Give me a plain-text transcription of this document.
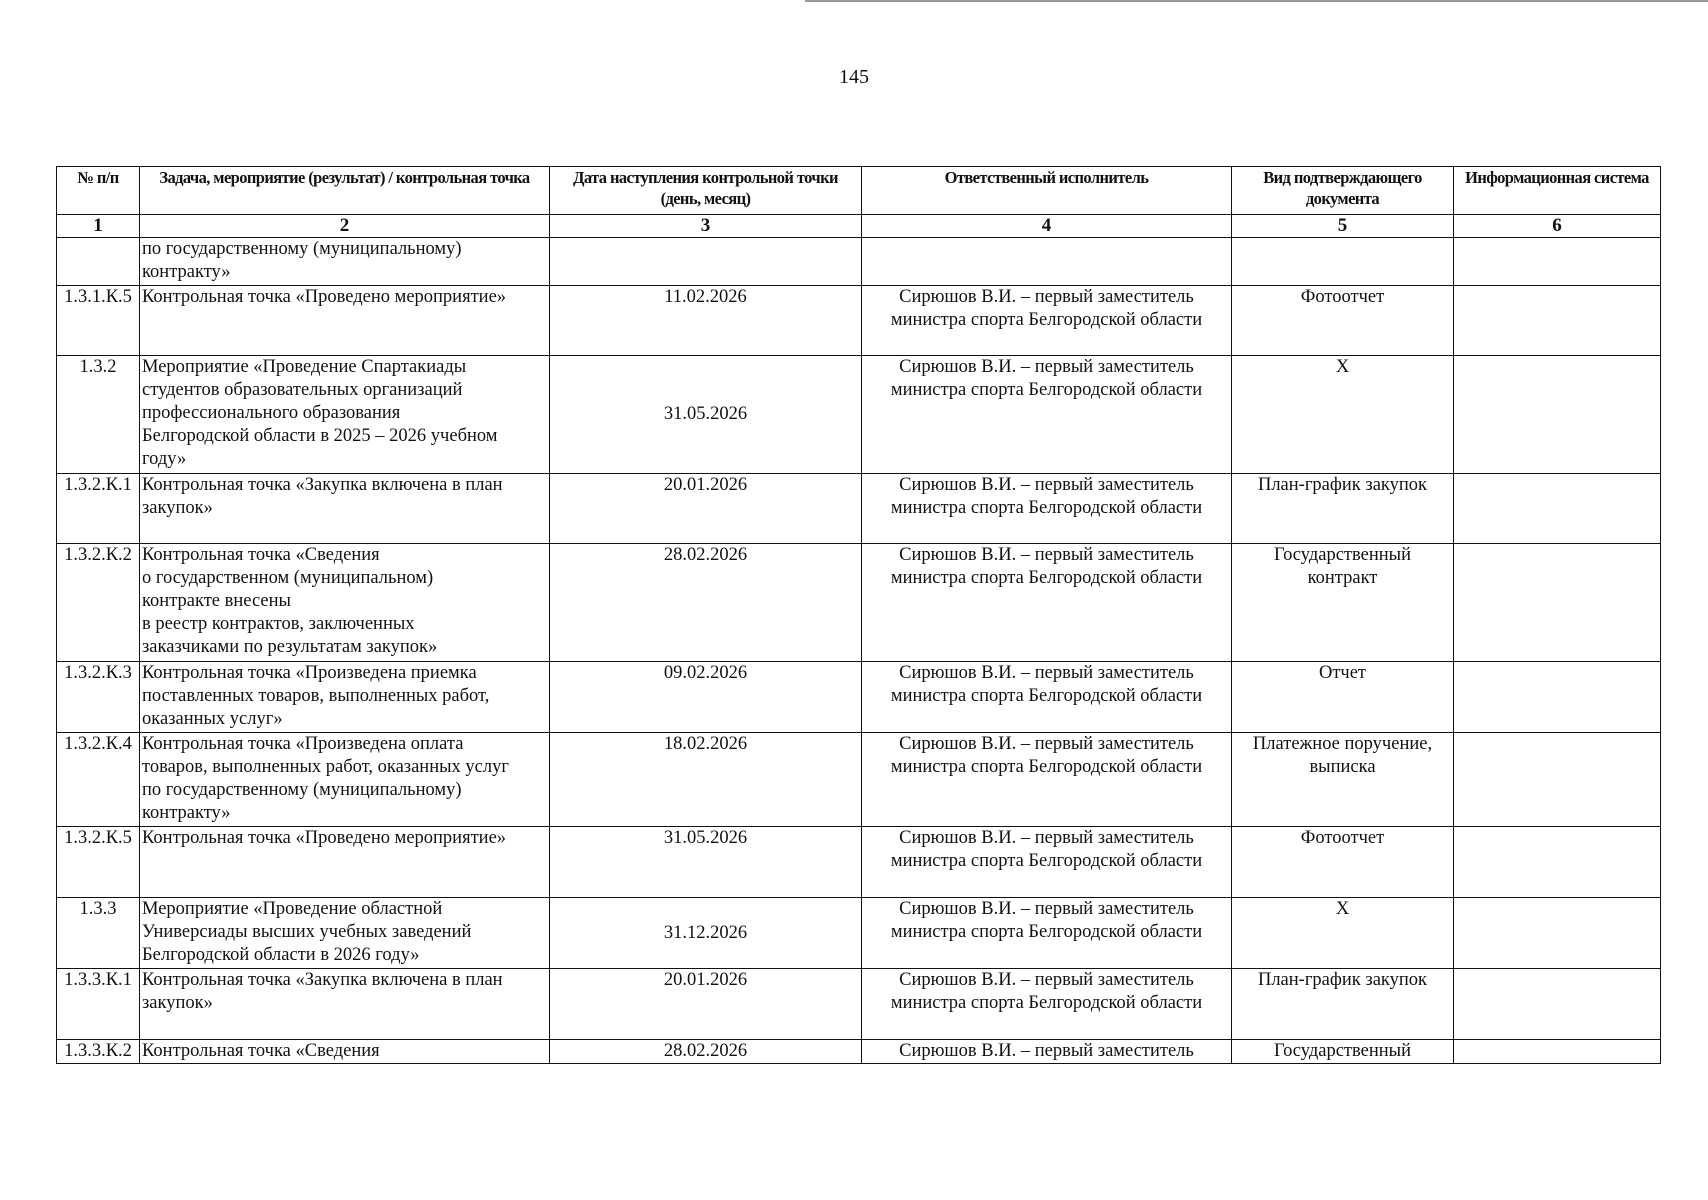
145
№ п/п	Задача, мероприятие (результат) / контрольная точка	Дата наступления контрольной точки (день, месяц)	Ответственный исполнитель	Вид подтверждающего документа	Информационная система
1	2	3	4	5	6
	по государственному (муниципальному)
контракту»				
1.3.1.К.5	Контрольная точка «Проведено мероприятие»	11.02.2026	Сирюшов В.И. – первый заместитель
министра спорта Белгородской области	Фотоотчет	
1.3.2	Мероприятие «Проведение Спартакиады
студентов образовательных организаций
профессионального образования
Белгородской области в 2025 – 2026 учебном
году»	31.05.2026	Сирюшов В.И. – первый заместитель
министра спорта Белгородской области	Х	
1.3.2.К.1	Контрольная точка «Закупка включена в план
закупок»	20.01.2026	Сирюшов В.И. – первый заместитель
министра спорта Белгородской области	План-график закупок	
1.3.2.К.2	Контрольная точка «Сведения
о государственном (муниципальном)
контракте внесены
в реестр контрактов, заключенных
заказчиками по результатам закупок»	28.02.2026	Сирюшов В.И. – первый заместитель
министра спорта Белгородской области	Государственный
контракт	
1.3.2.К.3	Контрольная точка «Произведена приемка
поставленных товаров, выполненных работ,
оказанных услуг»	09.02.2026	Сирюшов В.И. – первый заместитель
министра спорта Белгородской области	Отчет	
1.3.2.К.4	Контрольная точка «Произведена оплата
товаров, выполненных работ, оказанных услуг
по государственному (муниципальному)
контракту»	18.02.2026	Сирюшов В.И. – первый заместитель
министра спорта Белгородской области	Платежное поручение,
выписка	
1.3.2.К.5	Контрольная точка «Проведено мероприятие»	31.05.2026	Сирюшов В.И. – первый заместитель
министра спорта Белгородской области	Фотоотчет	
1.3.3	Мероприятие «Проведение областной
Универсиады высших учебных заведений
Белгородской области в 2026 году»	31.12.2026	Сирюшов В.И. – первый заместитель
министра спорта Белгородской области	Х	
1.3.3.К.1	Контрольная точка «Закупка включена в план
закупок»	20.01.2026	Сирюшов В.И. – первый заместитель
министра спорта Белгородской области	План-график закупок	
1.3.3.К.2	Контрольная точка «Сведения	28.02.2026	Сирюшов В.И. – первый заместитель	Государственный	
